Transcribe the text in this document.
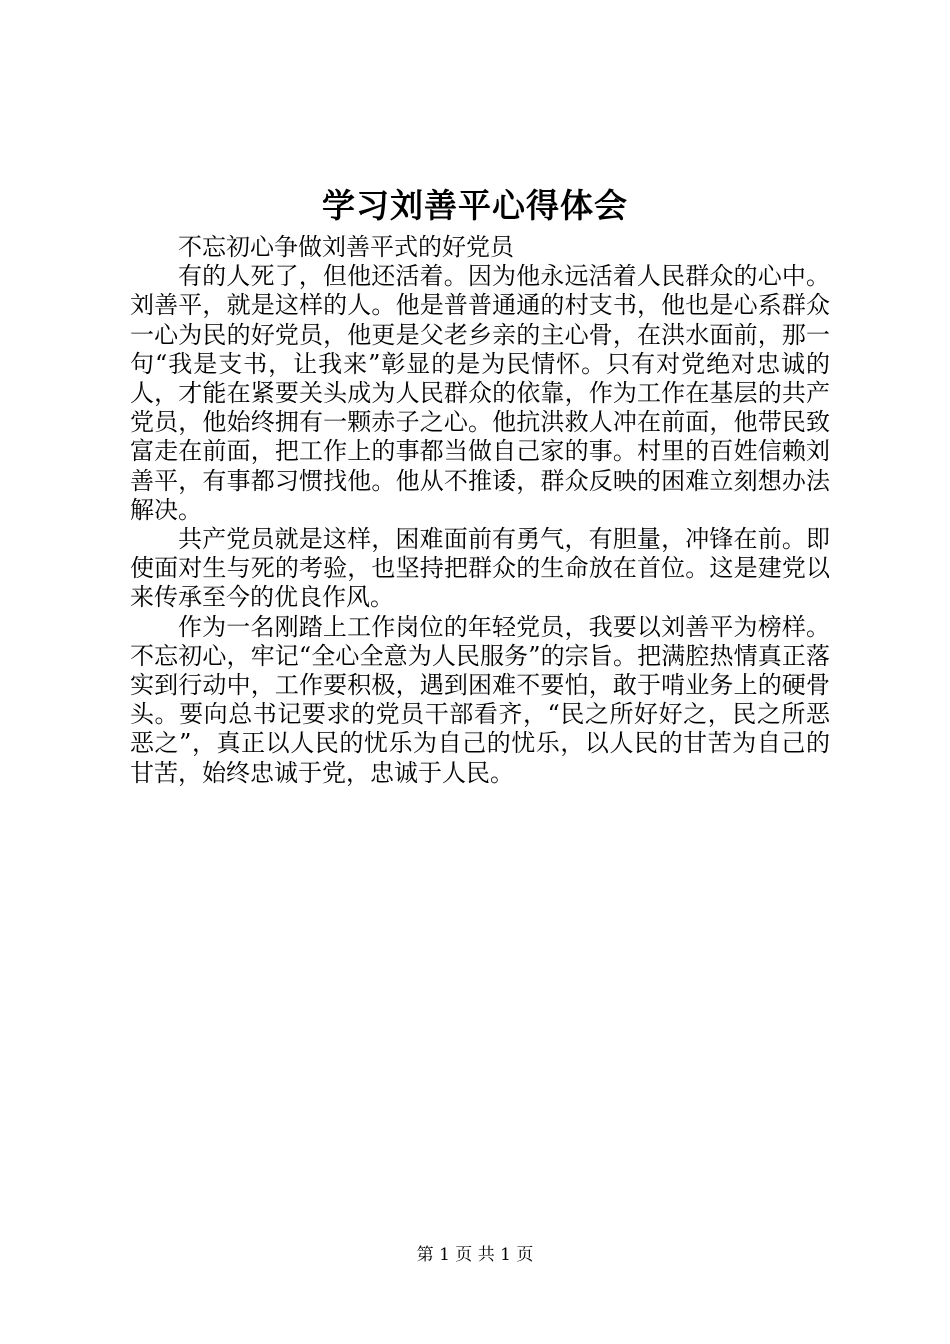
学习刘善平心得体会

不忘初心争做刘善平式的好党员

有的人死了，但他还活着。因为他永远活着人民群众的心中。刘善平，就是这样的人。他是普普通通的村支书，他也是心系群众一心为民的好党员，他更是父老乡亲的主心骨，在洪水面前，那一句“我是支书，让我来”彰显的是为民情怀。只有对党绝对忠诚的人，才能在紧要关头成为人民群众的依靠，作为工作在基层的共产党员，他始终拥有一颗赤子之心。他抗洪救人冲在前面，他带民致富走在前面，把工作上的事都当做自己家的事。村里的百姓信赖刘善平，有事都习惯找他。他从不推诿，群众反映的困难立刻想办法解决。

共产党员就是这样，困难面前有勇气，有胆量，冲锋在前。即使面对生与死的考验，也坚持把群众的生命放在首位。这是建党以来传承至今的优良作风。

作为一名刚踏上工作岗位的年轻党员，我要以刘善平为榜样。不忘初心，牢记“全心全意为人民服务”的宗旨。把满腔热情真正落实到行动中，工作要积极，遇到困难不要怕，敢于啃业务上的硬骨头。要向总书记要求的党员干部看齐，“民之所好好之，民之所恶恶之”，真正以人民的忧乐为自己的忧乐，以人民的甘苦为自己的甘苦，始终忠诚于党，忠诚于人民。

第 1 页 共 1 页
